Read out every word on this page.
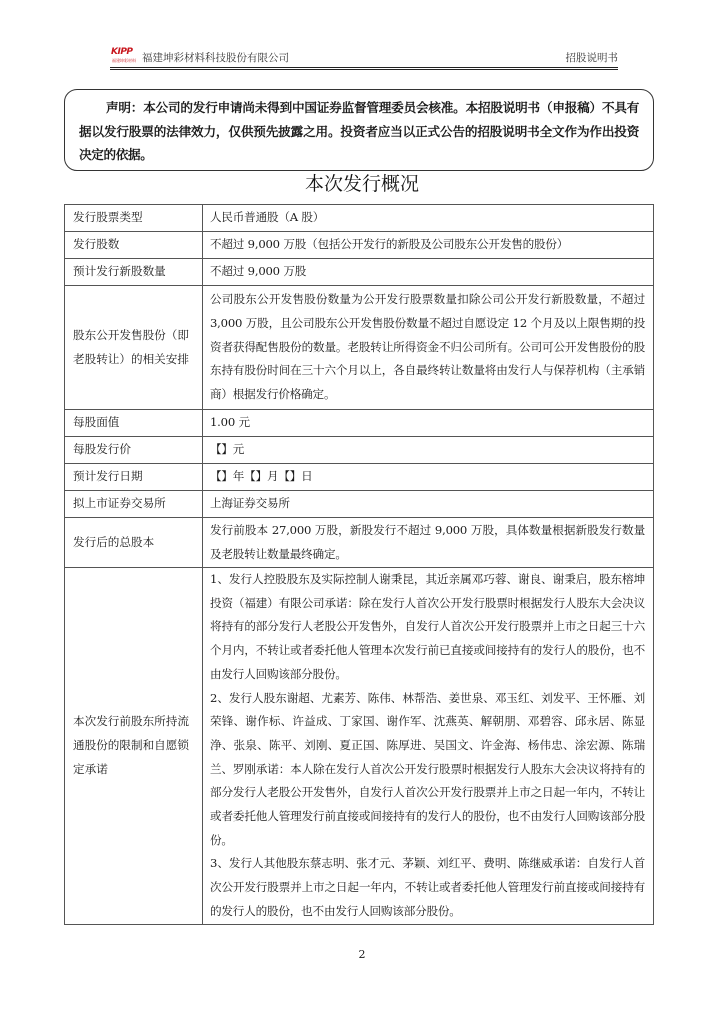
KIPP
福建坤彩材料 福建坤彩材料科技股份有限公司	招股说明书

声明：本公司的发行申请尚未得到中国证券监督管理委员会核准。本招股说明书（申报稿）不具有据以发行股票的法律效力，仅供预先披露之用。投资者应当以正式公告的招股说明书全文作为作出投资决定的依据。

本次发行概况
发行股票类型	人民币普通股（A 股）
发行股数	不超过 9,000 万股（包括公开发行的新股及公司股东公开发售的股份）
预计发行新股数量	不超过 9,000 万股
股东公开发售股份（即老股转让）的相关安排	公司股东公开发售股份数量为公开发行股票数量扣除公司公开发行新股数量，不超过 3,000 万股，且公司股东公开发售股份数量不超过自愿设定 12 个月及以上限售期的投资者获得配售股份的数量。老股转让所得资金不归公司所有。公司可公开发售股份的股东持有股份时间在三十六个月以上，各自最终转让数量将由发行人与保荐机构（主承销商）根据发行价格确定。
每股面值	1.00 元
每股发行价	【】元
预计发行日期	【】年【】月【】日
拟上市证券交易所	上海证券交易所
发行后的总股本	发行前股本 27,000 万股，新股发行不超过 9,000 万股，具体数量根据新股发行数量及老股转让数量最终确定。
本次发行前股东所持流通股份的限制和自愿锁定承诺	1、发行人控股股东及实际控制人谢秉昆，其近亲属邓巧蓉、谢良、谢秉启，股东榕坤投资（福建）有限公司承诺：除在发行人首次公开发行股票时根据发行人股东大会决议将持有的部分发行人老股公开发售外，自发行人首次公开发行股票并上市之日起三十六个月内，不转让或者委托他人管理本次发行前已直接或间接持有的发行人的股份，也不由发行人回购该部分股份。
2、发行人股东谢超、尤素芳、陈伟、林帮浩、姜世泉、邓玉红、刘发平、王怀雁、刘荣锋、谢作标、许益成、丁家国、谢作军、沈燕英、解朝朋、邓碧容、邱永居、陈显浄、张泉、陈平、刘刚、夏正国、陈厚进、吴国文、许金海、杨伟忠、涂宏源、陈瑞兰、罗刚承诺：本人除在发行人首次公开发行股票时根据发行人股东大会决议将持有的部分发行人老股公开发售外，自发行人首次公开发行股票并上市之日起一年内，不转让或者委托他人管理发行前直接或间接持有的发行人的股份，也不由发行人回购该部分股份。
3、发行人其他股东蔡志明、张才元、茅颖、刘红平、费明、陈继威承诺：自发行人首次公开发行股票并上市之日起一年内，不转让或者委托他人管理发行前直接或间接持有的发行人的股份，也不由发行人回购该部分股份。
2
